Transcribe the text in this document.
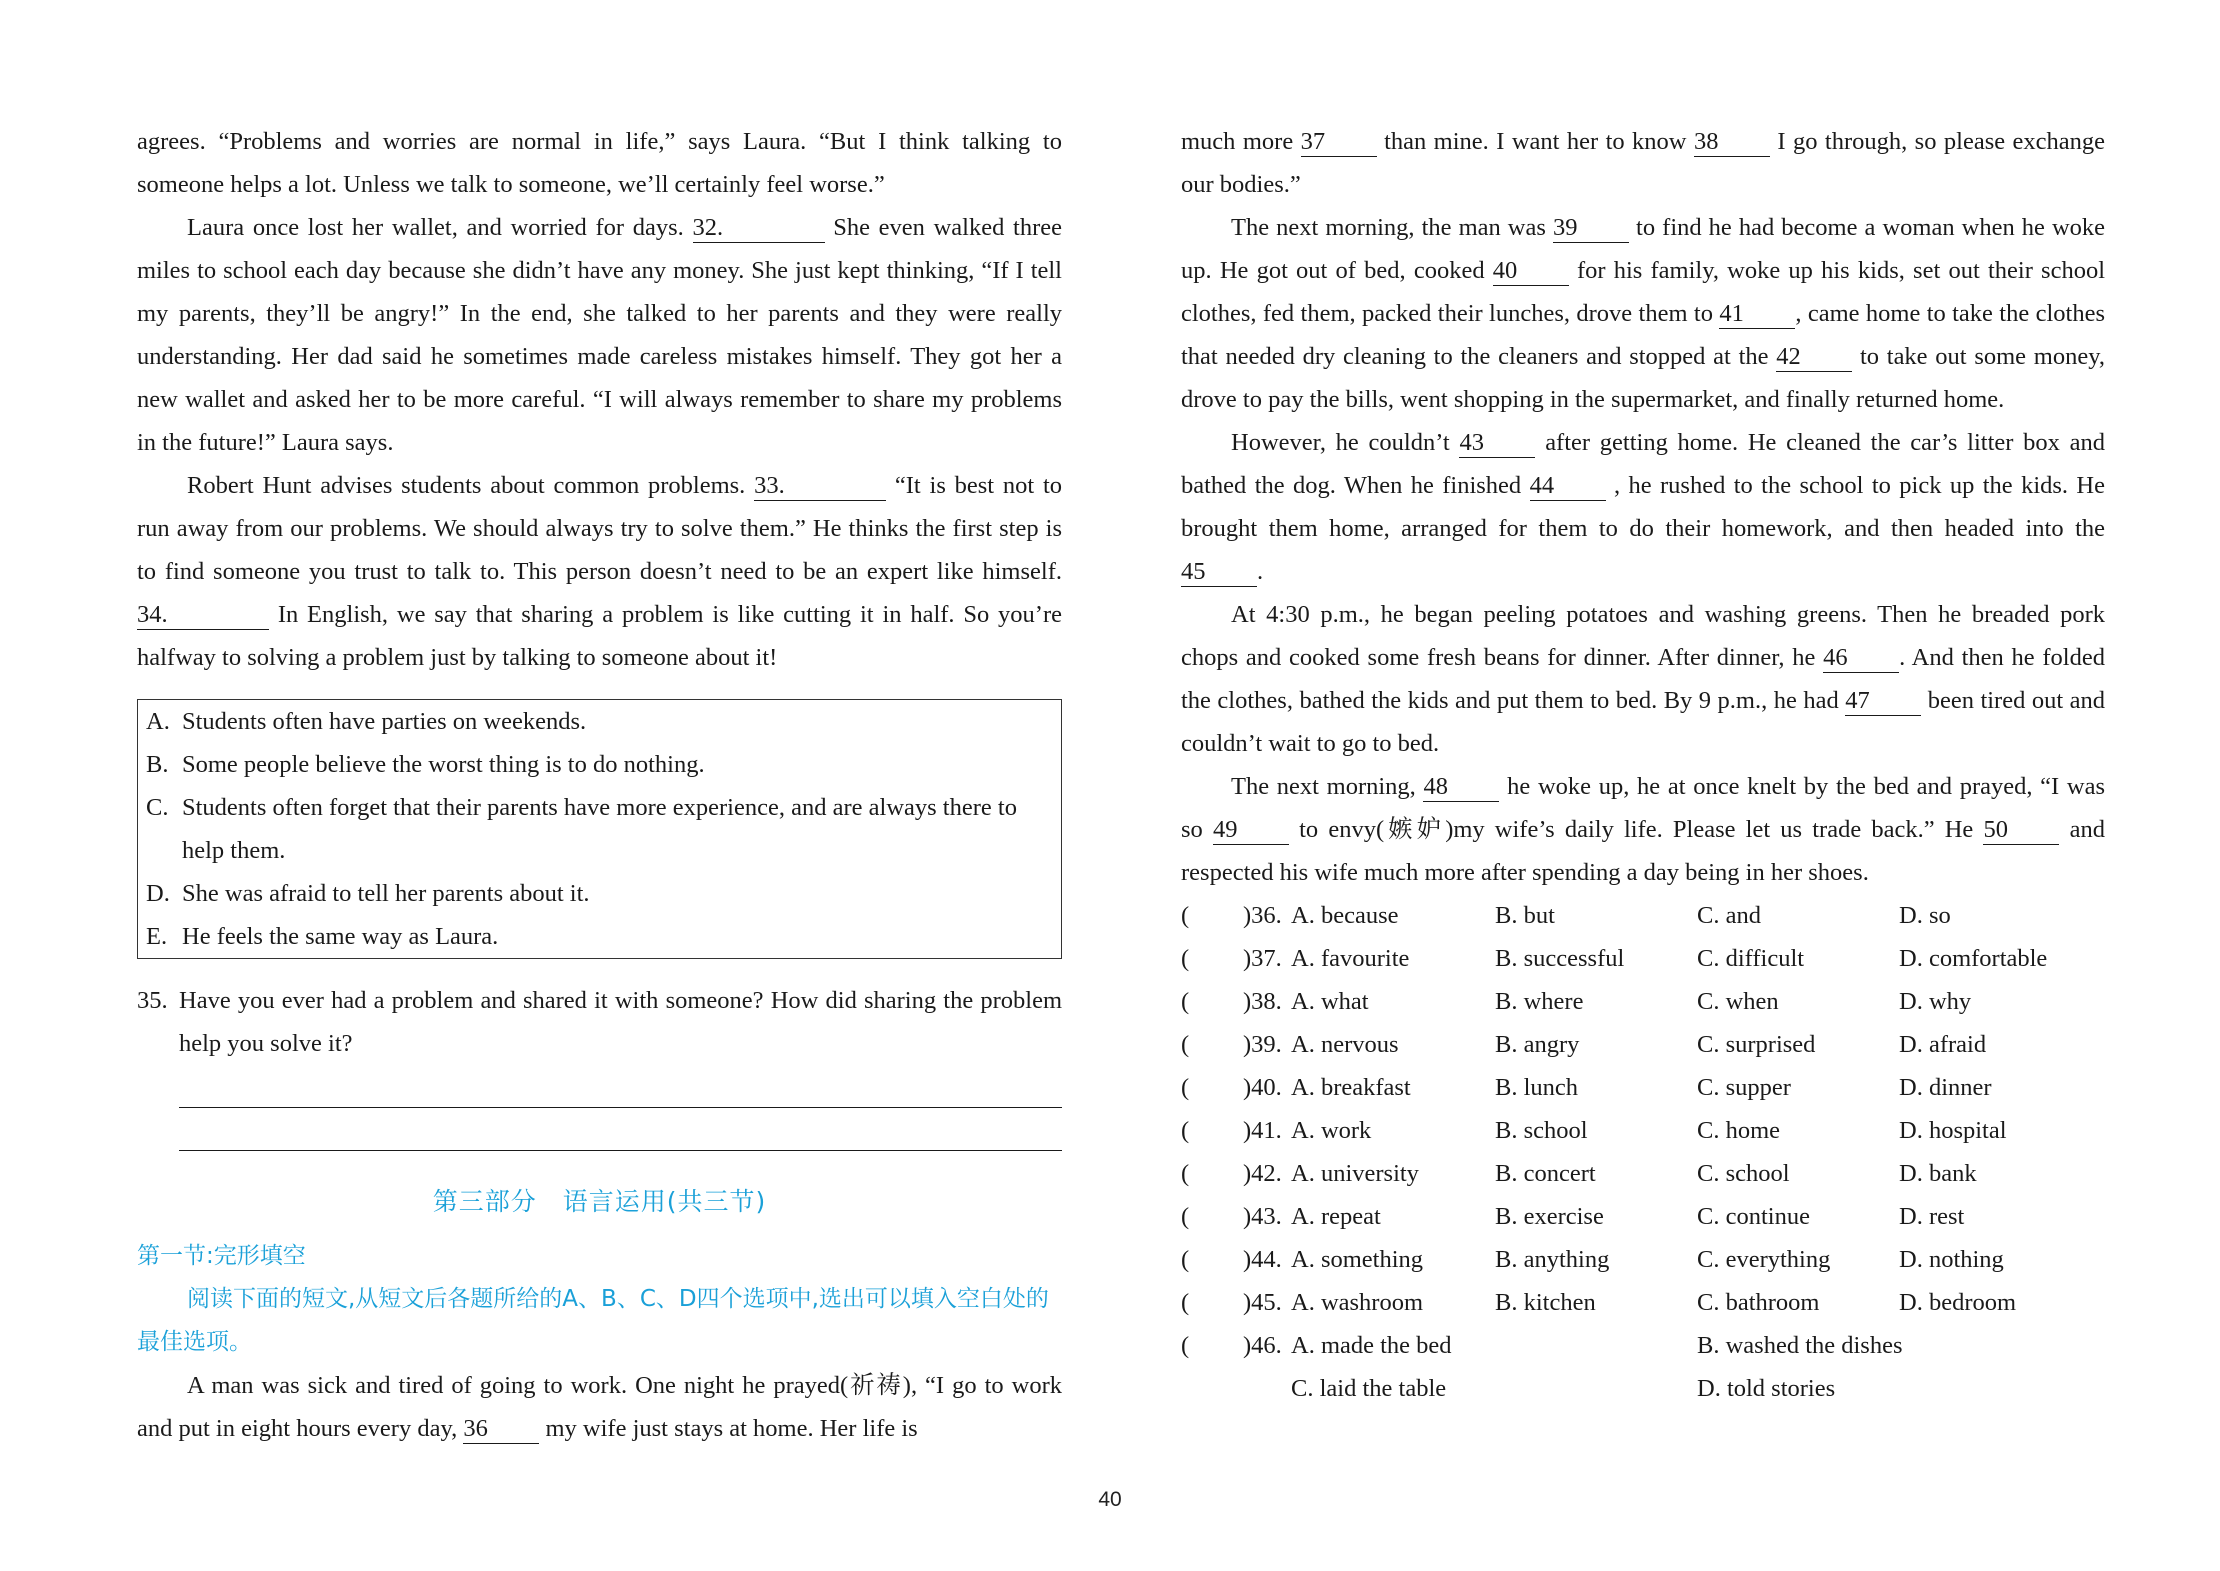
agrees. “Problems and worries are normal in life,” says Laura. “But I think talking to someone helps a lot. Unless we talk to someone, we’ll certainly feel worse.”

Laura once lost her wallet, and worried for days. 32.	She even walked three miles to school each day because she didn’t have any money. She just kept thinking, “If I tell my parents, they’ll be angry!” In the end, she talked to her parents and they were really understanding. Her dad said he sometimes made careless mistakes himself. They got her a new wallet and asked her to be more careful. “I will always remember to share my problems in the future!” Laura says.

Robert Hunt advises students about common problems. 33.	“It is best not to run away from our problems. We should always try to solve them.” He thinks the first step is to find someone you trust to talk to. This person doesn’t need to be an expert like himself. 34.	In English, we say that sharing a problem is like cutting it in half. So you’re halfway to solving a problem just by talking to someone about it!

A. Students often have parties on weekends.
B. Some people believe the worst thing is to do nothing.
C. Students often forget that their parents have more experience, and are always there to help them.
D. She was afraid to tell her parents about it.
E. He feels the same way as Laura.
35. Have you ever had a problem and shared it with someone? How did sharing the problem help you solve it?
第三部分　语言运用(共三节)
第一节:完形填空
阅读下面的短文,从短文后各题所给的A、B、C、D四个选项中,选出可以填入空白处的最佳选项。

A man was sick and tired of going to work. One night he prayed(祈祷), “I go to work and put in eight hours every day, 36 my wife just stays at home. Her life is

much more 37 than mine. I want her to know 38 I go through, so please exchange our bodies.”

The next morning, the man was 39 to find he had become a woman when he woke up. He got out of bed, cooked 40 for his family, woke up his kids, set out their school clothes, fed them, packed their lunches, drove them to 41 , came home to take the clothes that needed dry cleaning to the cleaners and stopped at the 42 to take out some money, drove to pay the bills, went shopping in the supermarket, and finally returned home.

However, he couldn’t 43 after getting home. He cleaned the car’s litter box and bathed the dog. When he finished 44 , he rushed to the school to pick up the kids. He brought them home, arranged for them to do their homework, and then headed into the 45 .

At 4:30 p.m., he began peeling potatoes and washing greens. Then he breaded pork chops and cooked some fresh beans for dinner. After dinner, he 46 . And then he folded the clothes, bathed the kids and put them to bed. By 9 p.m., he had 47 been tired out and couldn’t wait to go to bed.

The next morning, 48 he woke up, he at once knelt by the bed and prayed, “I was so 49	to envy(嫉妒)my wife’s daily life. Please let us trade back.” He 50	and respected his wife much more after spending a day being in her shoes.

( )36. A. because	B. but	C. and	D. so
( )37. A. favourite	B. successful	C. difficult	D. comfortable
( )38. A. what	B. where	C. when	D. why
( )39. A. nervous	B. angry	C. surprised	D. afraid
( )40. A. breakfast	B. lunch	C. supper	D. dinner
( )41. A. work	B. school	C. home	D. hospital
( )42. A. university	B. concert	C. school	D. bank
( )43. A. repeat	B. exercise	C. continue	D. rest
( )44. A. something	B. anything	C. everything	D. nothing
( )45. A. washroom	B. kitchen	C. bathroom	D. bedroom
( )46. A. made the bed	B. washed the dishes
C. laid the table	D. told stories
40
